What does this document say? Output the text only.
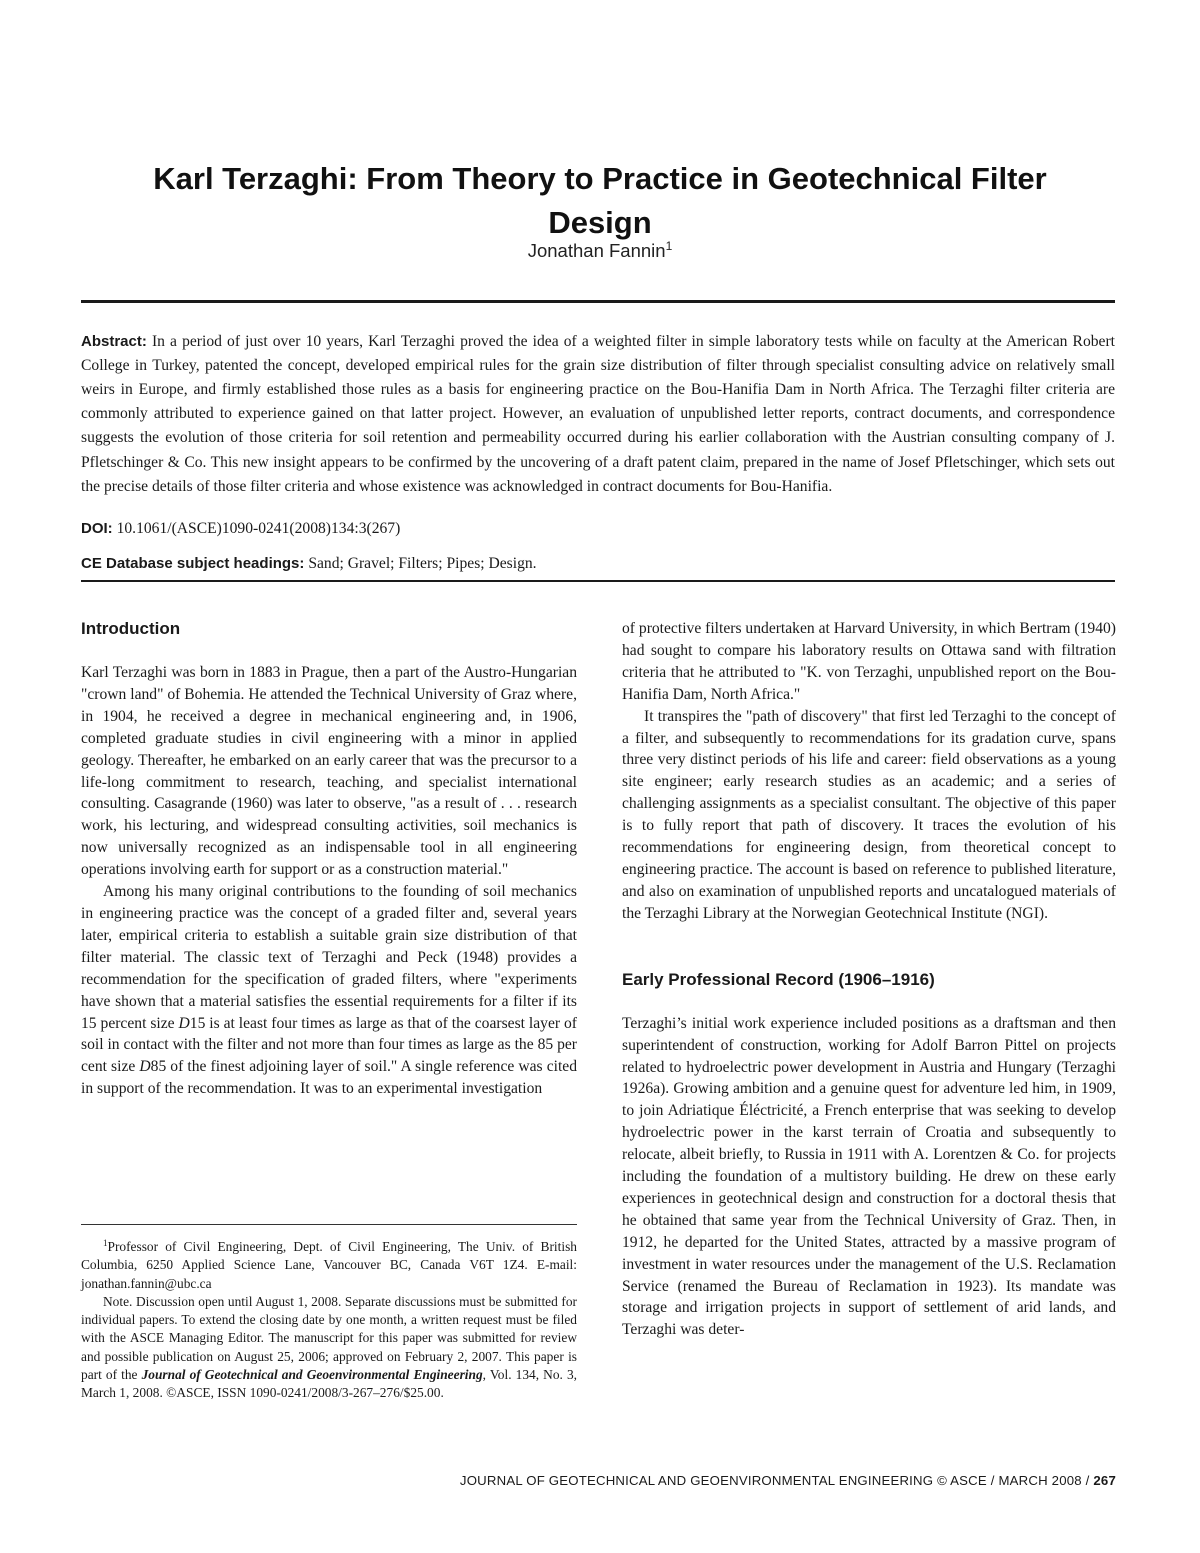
Karl Terzaghi: From Theory to Practice in Geotechnical Filter Design
Jonathan Fannin$^1$

Abstract: In a period of just over 10 years, Karl Terzaghi proved the idea of a weighted filter in simple laboratory tests while on faculty at the American Robert College in Turkey, patented the concept, developed empirical rules for the grain size distribution of filter through specialist consulting advice on relatively small weirs in Europe, and firmly established those rules as a basis for engineering practice on the Bou-Hanifia Dam in North Africa. The Terzaghi filter criteria are commonly attributed to experience gained on that latter project. However, an evaluation of unpublished letter reports, contract documents, and correspondence suggests the evolution of those criteria for soil retention and permeability occurred during his earlier collaboration with the Austrian consulting company of J. Pfletschinger & Co. This new insight appears to be confirmed by the uncovering of a draft patent claim, prepared in the name of Josef Pfletschinger, which sets out the precise details of those filter criteria and whose existence was acknowledged in contract documents for Bou-Hanifia.

DOI: 10.1061/(ASCE)1090-0241(2008)134:3(267)
CE Database subject headings: Sand; Gravel; Filters; Pipes; Design.
Introduction

Karl Terzaghi was born in 1883 in Prague, then a part of the Austro-Hungarian "crown land" of Bohemia. He attended the Technical University of Graz where, in 1904, he received a degree in mechanical engineering and, in 1906, completed graduate studies in civil engineering with a minor in applied geology. Thereafter, he embarked on an early career that was the precursor to a life-long commitment to research, teaching, and specialist international consulting. Casagrande (1960) was later to observe, "as a result of . . . research work, his lecturing, and widespread consulting activities, soil mechanics is now universally recognized as an indispensable tool in all engineering operations involving earth for support or as a construction material."

Among his many original contributions to the founding of soil mechanics in engineering practice was the concept of a graded filter and, several years later, empirical criteria to establish a suitable grain size distribution of that filter material. The classic text of Terzaghi and Peck (1948) provides a recommendation for the specification of graded filters, where "experiments have shown that a material satisfies the essential requirements for a filter if its 15 percent size D15 is at least four times as large as that of the coarsest layer of soil in contact with the filter and not more than four times as large as the 85 per cent size D85 of the finest adjoining layer of soil." A single reference was cited in support of the recommendation. It was to an experimental investigation

$^1$Professor of Civil Engineering, Dept. of Civil Engineering, The Univ. of British Columbia, 6250 Applied Science Lane, Vancouver BC, Canada V6T 1Z4. E-mail: jonathan.fannin@ubc.ca

Note. Discussion open until August 1, 2008. Separate discussions must be submitted for individual papers. To extend the closing date by one month, a written request must be filed with the ASCE Managing Editor. The manuscript for this paper was submitted for review and possible publication on August 25, 2006; approved on February 2, 2007. This paper is part of the Journal of Geotechnical and Geoenvironmental Engineering, Vol. 134, No. 3, March 1, 2008. ©ASCE, ISSN 1090-0241/2008/3-267–276/$25.00.

of protective filters undertaken at Harvard University, in which Bertram (1940) had sought to compare his laboratory results on Ottawa sand with filtration criteria that he attributed to "K. von Terzaghi, unpublished report on the Bou-Hanifia Dam, North Africa."

It transpires the "path of discovery" that first led Terzaghi to the concept of a filter, and subsequently to recommendations for its gradation curve, spans three very distinct periods of his life and career: field observations as a young site engineer; early research studies as an academic; and a series of challenging assignments as a specialist consultant. The objective of this paper is to fully report that path of discovery. It traces the evolution of his recommendations for engineering design, from theoretical concept to engineering practice. The account is based on reference to published literature, and also on examination of unpublished reports and uncatalogued materials of the Terzaghi Library at the Norwegian Geotechnical Institute (NGI).

Early Professional Record (1906–1916)

Terzaghi’s initial work experience included positions as a draftsman and then superintendent of construction, working for Adolf Barron Pittel on projects related to hydroelectric power development in Austria and Hungary (Terzaghi 1926a). Growing ambition and a genuine quest for adventure led him, in 1909, to join Adriatique Éléctricité, a French enterprise that was seeking to develop hydroelectric power in the karst terrain of Croatia and subsequently to relocate, albeit briefly, to Russia in 1911 with A. Lorentzen & Co. for projects including the foundation of a multistory building. He drew on these early experiences in geotechnical design and construction for a doctoral thesis that he obtained that same year from the Technical University of Graz. Then, in 1912, he departed for the United States, attracted by a massive program of investment in water resources under the management of the U.S. Reclamation Service (renamed the Bureau of Reclamation in 1923). Its mandate was storage and irrigation projects in support of settlement of arid lands, and Terzaghi was deter-

JOURNAL OF GEOTECHNICAL AND GEOENVIRONMENTAL ENGINEERING © ASCE / MARCH 2008 / 267
